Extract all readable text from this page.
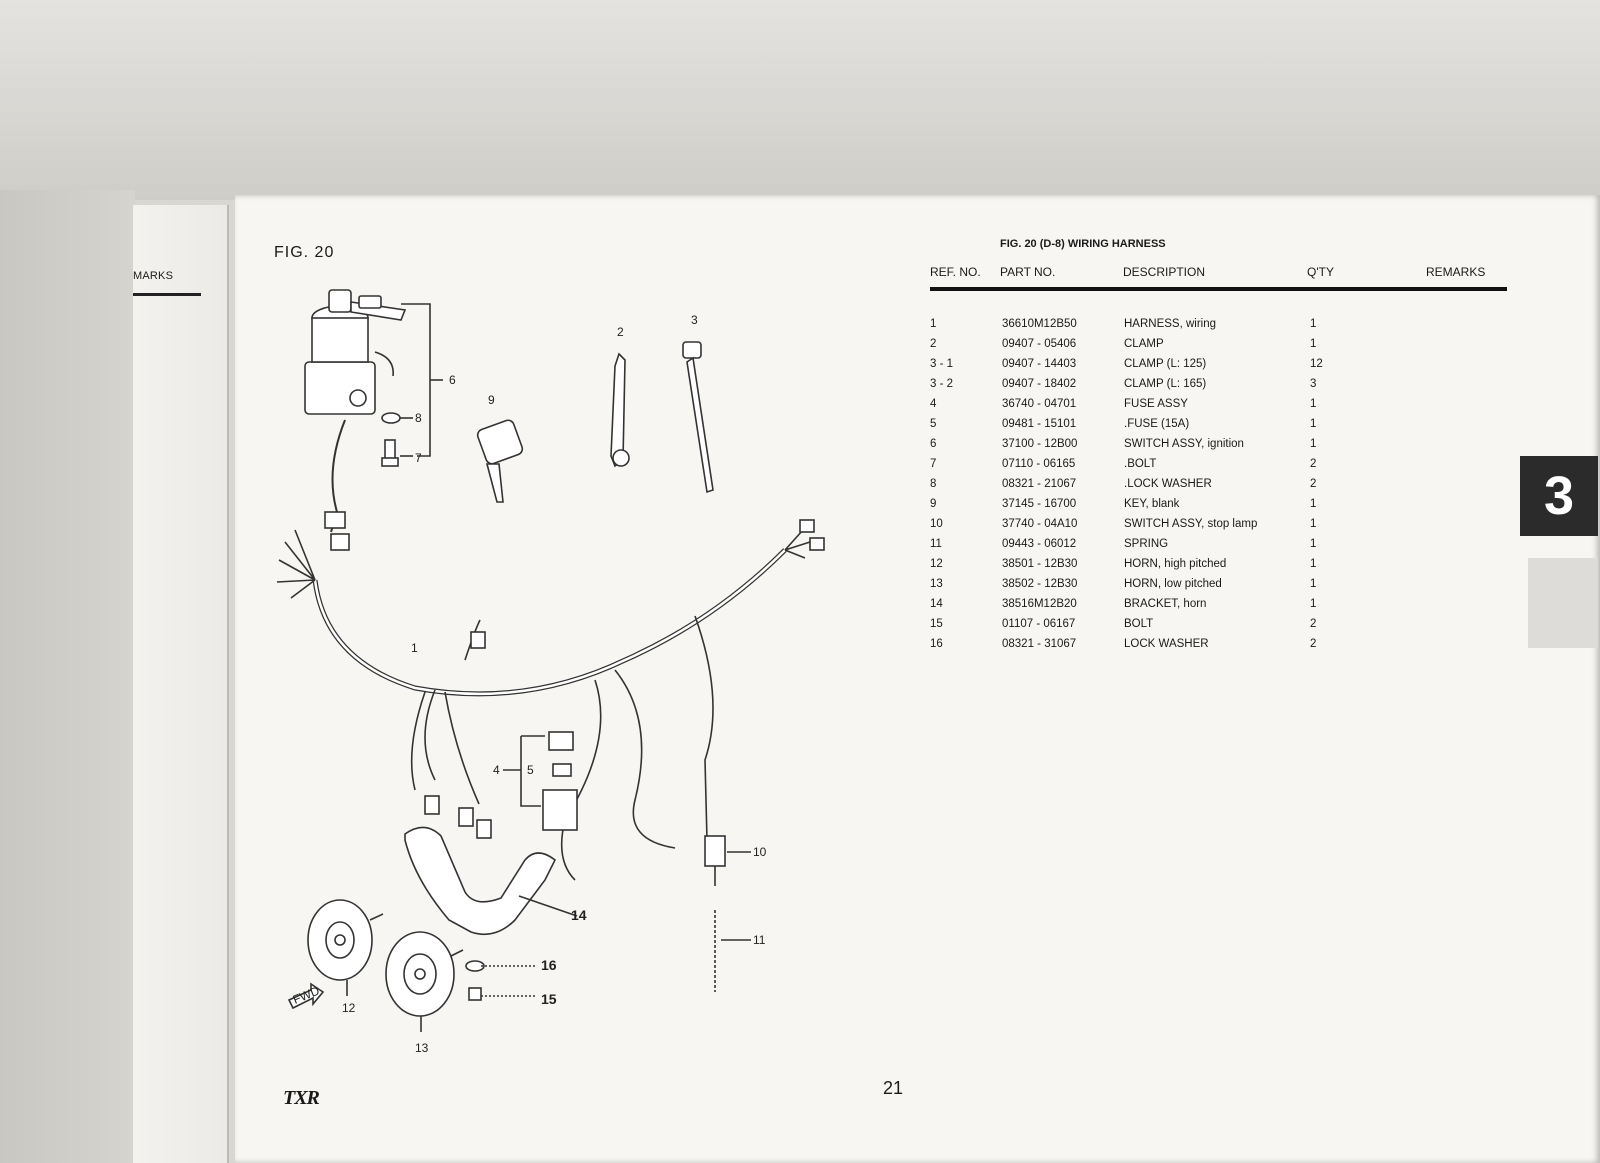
MARKS
FIG. 20
FWD
1
2
3
4 5
6
7
8
9
10
11
12
13
14
15
16
FIG. 20 (D-8) WIRING HARNESS
REF. NO. PART NO.	DESCRIPTION	Q'TY	REMARKS
1	36610M12B50	HARNESS, wiring	1
2	09407 - 05406	CLAMP	1
3 - 1	09407 - 14403	CLAMP (L: 125)	12
3 - 2	09407 - 18402	CLAMP (L: 165)	3
4	36740 - 04701	FUSE ASSY	1
5	09481 - 15101	.FUSE (15A)	1
6	37100 - 12B00	SWITCH ASSY, ignition	1
7	07110 - 06165	.BOLT	2
8	08321 - 21067	.LOCK WASHER	2
9	37145 - 16700	KEY, blank	1
10	37740 - 04A10	SWITCH ASSY, stop lamp	1
11	09443 - 06012	SPRING	1
12	38501 - 12B30	HORN, high pitched	1
13	38502 - 12B30	HORN, low pitched	1
14	38516M12B20	BRACKET, horn	1
15	01107 - 06167	BOLT	2
16	08321 - 31067	LOCK WASHER	2
3
TXR	21
